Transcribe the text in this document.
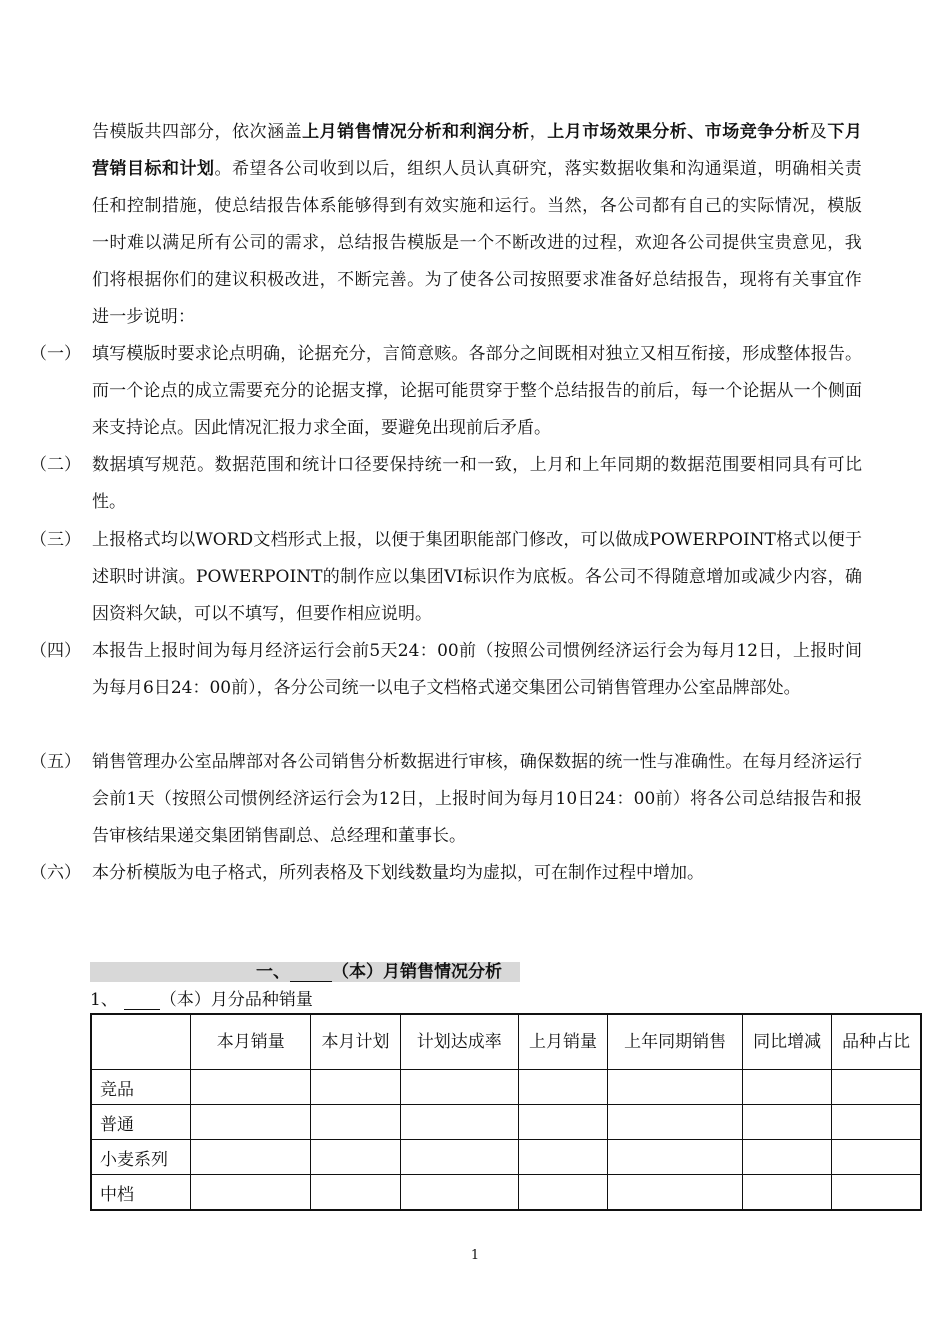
告模版共四部分，依次涵盖上月销售情况分析和利润分析，上月市场效果分析、市场竞争分析及下月营销目标和计划。希望各公司收到以后，组织人员认真研究，落实数据收集和沟通渠道，明确相关责任和控制措施，使总结报告体系能够得到有效实施和运行。当然，各公司都有自己的实际情况，模版一时难以满足所有公司的需求，总结报告模版是一个不断改进的过程，欢迎各公司提供宝贵意见，我们将根据你们的建议积极改进，不断完善。为了使各公司按照要求准备好总结报告，现将有关事宜作进一步说明：

（一） 填写模版时要求论点明确，论据充分，言简意赅。各部分之间既相对独立又相互衔接，形成整体报告。而一个论点的成立需要充分的论据支撑，论据可能贯穿于整个总结报告的前后，每一个论据从一个侧面来支持论点。因此情况汇报力求全面，要避免出现前后矛盾。
（二） 数据填写规范。数据范围和统计口径要保持统一和一致，上月和上年同期的数据范围要相同具有可比性。
（三） 上报格式均以WORD文档形式上报，以便于集团职能部门修改，可以做成POWERPOINT格式以便于述职时讲演。POWERPOINT的制作应以集团VI标识作为底板。各公司不得随意增加或减少内容，确因资料欠缺，可以不填写，但要作相应说明。
（四） 本报告上报时间为每月经济运行会前5天24：00前（按照公司惯例经济运行会为每月12日，上报时间为每月6日24：00前），各分公司统一以电子文档格式递交集团公司销售管理办公室品牌部处。
（五） 销售管理办公室品牌部对各公司销售分析数据进行审核，确保数据的统一性与准确性。在每月经济运行会前1天（按照公司惯例经济运行会为12日，上报时间为每月10日24：00前）将各公司总结报告和报告审核结果递交集团销售副总、总经理和董事长。
（六） 本分析模版为电子格式，所列表格及下划线数量均为虚拟，可在制作过程中增加。
一、 （本）月销售情况分析
1、 （本）月分品种销量
	本月销量	本月计划	计划达成率	上月销量	上年同期销售	同比增减	品种占比
竞品							
普通							
小麦系列							
中档							
1
